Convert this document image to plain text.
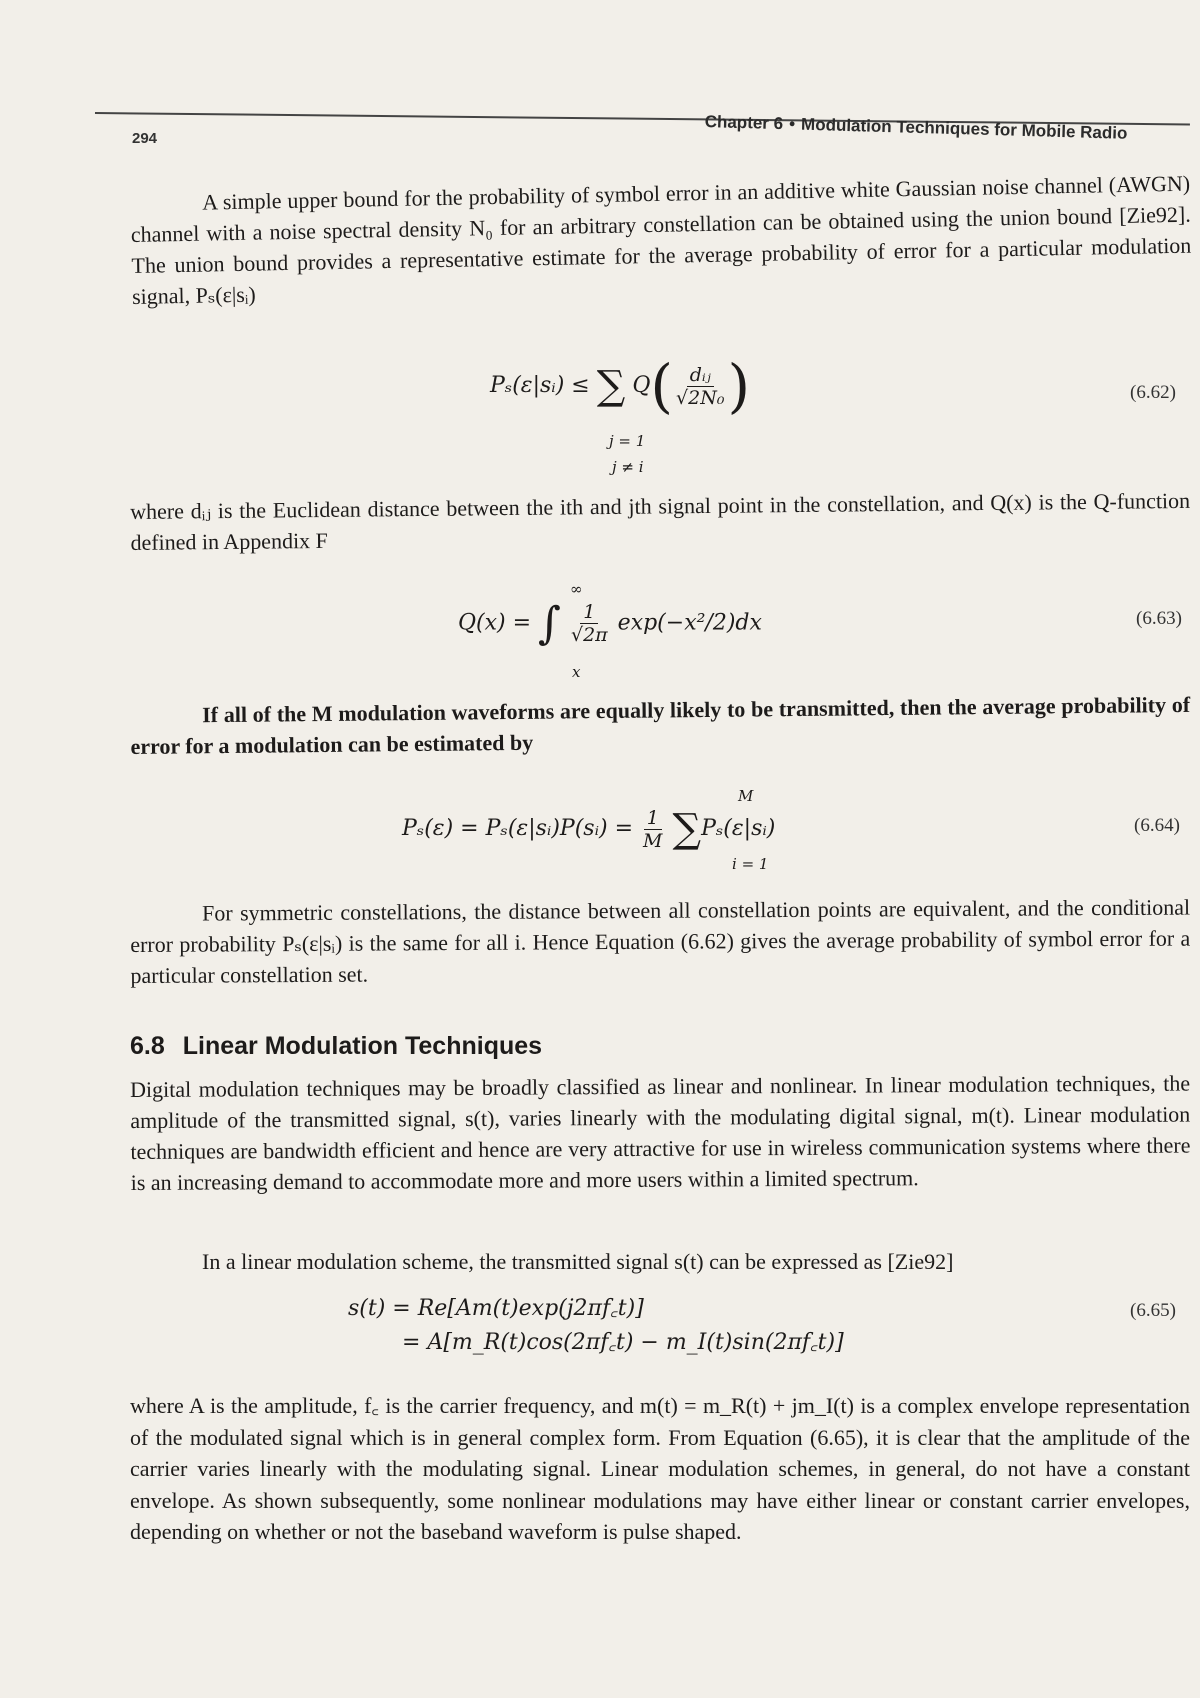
294
Chapter 6 • Modulation Techniques for Mobile Radio
A simple upper bound for the probability of symbol error in an additive white Gaussian noise channel (AWGN) channel with a noise spectral density N₀ for an arbitrary constellation can be obtained using the union bound [Zie92]. The union bound provides a representative estimate for the average probability of error for a particular modulation signal, Pₛ(ε|sᵢ)
Pₛ(ε|sᵢ) ≤ ∑ $Q( \frac{\text{dᵢⱼ}}{\text{√2N₀}}$ )
j = 1
j ≠ i
(6.62)
where dᵢⱼ is the Euclidean distance between the ith and jth signal point in the constellation, and Q(x) is the Q-function defined in Appendix F
∞
Q(x) = ∫ $\frac{1}{√2\pi} \exp(-x^2/2)dx$
x
(6.63)
If all of the M modulation waveforms are equally likely to be transmitted, then the average probability of error for a modulation can be estimated by
M
Pₛ(ε) = Pₛ(ε|sᵢ)P(sᵢ) = $\frac{1}{M}$ ∑Pₛ(ε|sᵢ)
i = 1
(6.64)
For symmetric constellations, the distance between all constellation points are equivalent, and the conditional error probability Pₛ(ε|sᵢ) is the same for all i. Hence Equation (6.62) gives the average probability of symbol error for a particular constellation set.
6.8 Linear Modulation Techniques
Digital modulation techniques may be broadly classified as linear and nonlinear. In linear modulation techniques, the amplitude of the transmitted signal, s(t), varies linearly with the modulating digital signal, m(t). Linear modulation techniques are bandwidth efficient and hence are very attractive for use in wireless communication systems where there is an increasing demand to accommodate more and more users within a limited spectrum.
In a linear modulation scheme, the transmitted signal s(t) can be expressed as [Zie92]
s(t) = Re[Am(t)exp(j2πf꜀t)]
= A[m_R(t)cos(2πf꜀t) − m_I(t)sin(2πf꜀t)]
(6.65)
where A is the amplitude, f꜀ is the carrier frequency, and m(t) = m_R(t) + jm_I(t) is a complex envelope representation of the modulated signal which is in general complex form. From Equation (6.65), it is clear that the amplitude of the carrier varies linearly with the modulating signal. Linear modulation schemes, in general, do not have a constant envelope. As shown subsequently, some nonlinear modulations may have either linear or constant carrier envelopes, depending on whether or not the baseband waveform is pulse shaped.
